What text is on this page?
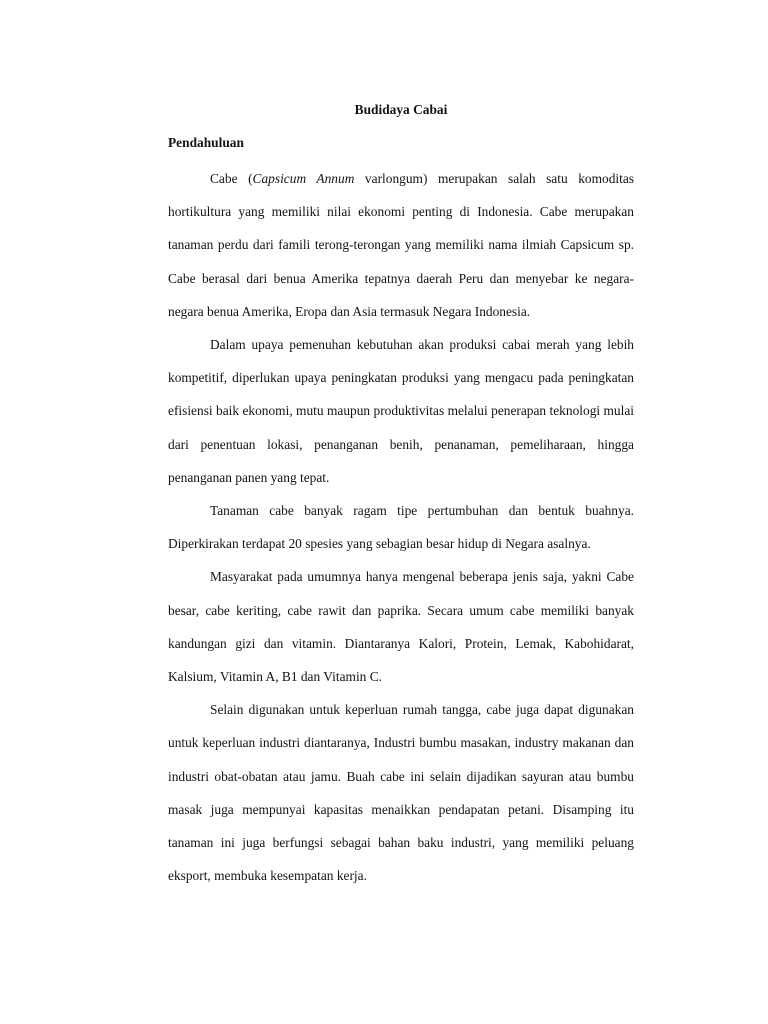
Budidaya Cabai
Pendahuluan

Cabe (Capsicum Annum varlongum) merupakan salah satu komoditas hortikultura yang memiliki nilai ekonomi penting di Indonesia. Cabe merupakan tanaman perdu dari famili terong-terongan yang memiliki nama ilmiah Capsicum sp. Cabe berasal dari benua Amerika tepatnya daerah Peru dan menyebar ke negara-negara benua Amerika, Eropa dan Asia termasuk Negara Indonesia.

Dalam upaya pemenuhan kebutuhan akan produksi cabai merah yang lebih kompetitif, diperlukan upaya peningkatan produksi yang mengacu pada peningkatan efisiensi baik ekonomi, mutu maupun produktivitas melalui penerapan teknologi mulai dari penentuan lokasi, penanganan benih, penanaman, pemeliharaan, hingga penanganan panen yang tepat.

Tanaman cabe banyak ragam tipe pertumbuhan dan bentuk buahnya. Diperkirakan terdapat 20 spesies yang sebagian besar hidup di Negara asalnya.

Masyarakat pada umumnya hanya mengenal beberapa jenis saja, yakni Cabe besar, cabe keriting, cabe rawit dan paprika. Secara umum cabe memiliki banyak kandungan gizi dan vitamin. Diantaranya Kalori, Protein, Lemak, Kabohidarat, Kalsium, Vitamin A, B1 dan Vitamin C.

Selain digunakan untuk keperluan rumah tangga, cabe juga dapat digunakan untuk keperluan industri diantaranya, Industri bumbu masakan, industry makanan dan industri obat-obatan atau jamu. Buah cabe ini selain dijadikan sayuran atau bumbu masak juga mempunyai kapasitas menaikkan pendapatan petani. Disamping itu tanaman ini juga berfungsi sebagai bahan baku industri, yang memiliki peluang eksport, membuka kesempatan kerja.
